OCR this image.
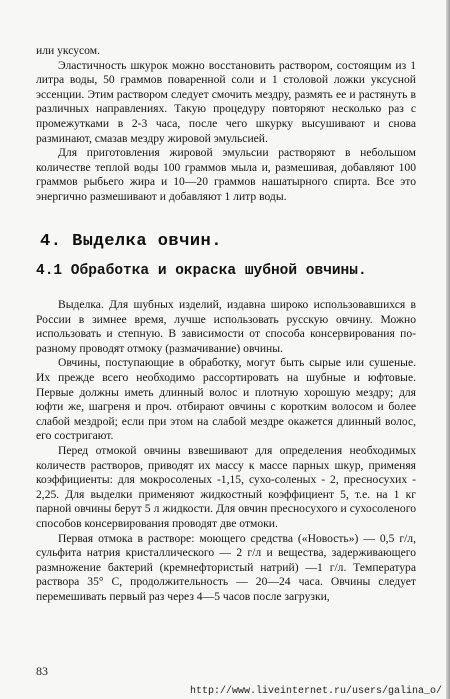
или уксусом.

Эластичность шкурок можно восстановить раствором, состоящим из 1 литра воды, 50 граммов поваренной соли и 1 столовой ложки уксусной эссенции. Этим раствором следует смочить мездру, размять ее и растянуть в различных направлениях. Такую процедуру повторяют несколько раз с промежутками в 2-3 часа, после чего шкурку высушивают и снова разминают, смазав мездру жировой эмульсией.

Для приготовления жировой эмульсии растворяют в небольшом количестве теплой воды 100 граммов мыла и, размешивая, добавляют 100 граммов рыбьего жира и 10—20 граммов нашатырного спирта. Все это энергично размешивают и добавляют 1 литр воды.

4. Выделка овчин.
4.1 Обработка и окраска шубной овчины.

Выделка. Для шубных изделий, издавна широко использовавшихся в России в зимнее время, лучше использовать русскую овчину. Можно использовать и степную. В зависимости от способа консервирования по-разному проводят отмоку (размачивание) овчины.

Овчины, поступающие в обработку, могут быть сырые или сушеные. Их прежде всего необходимо рассортировать на шубные и юфтовые. Первые должны иметь длинный волос и плотную хорошую мездру; для юфти же, шагреня и проч. отбирают овчины с коротким волосом и более слабой мездрой; если при этом на слабой мездре окажется длинный волос, его состригают.

Перед отмокой овчины взвешивают для определения необходимых количеств растворов, приводят их массу к массе парных шкур, применяя коэффициенты: для мокросоленых -1,15, сухо-соленых - 2, пресносухих - 2,25. Для выделки применяют жидкостный коэффициент 5, т.е. на 1 кг парной овчины берут 5 л жидкости. Для овчин пресносухого и сухосоленого способов консервирования проводят две отмоки.

Первая отмока в растворе: моющего средства («Новость») — 0,5 г/л, сульфита натрия кристаллического — 2 г/л и вещества, задерживающего размножение бактерий (кремнефтористый натрий) —1 г/л. Температура раствора 35° С, продолжительность — 20—24 часа. Овчины следует перемешивать первый раз через 4—5 часов после загрузки,

83
http://www.liveinternet.ru/users/galina_o/
